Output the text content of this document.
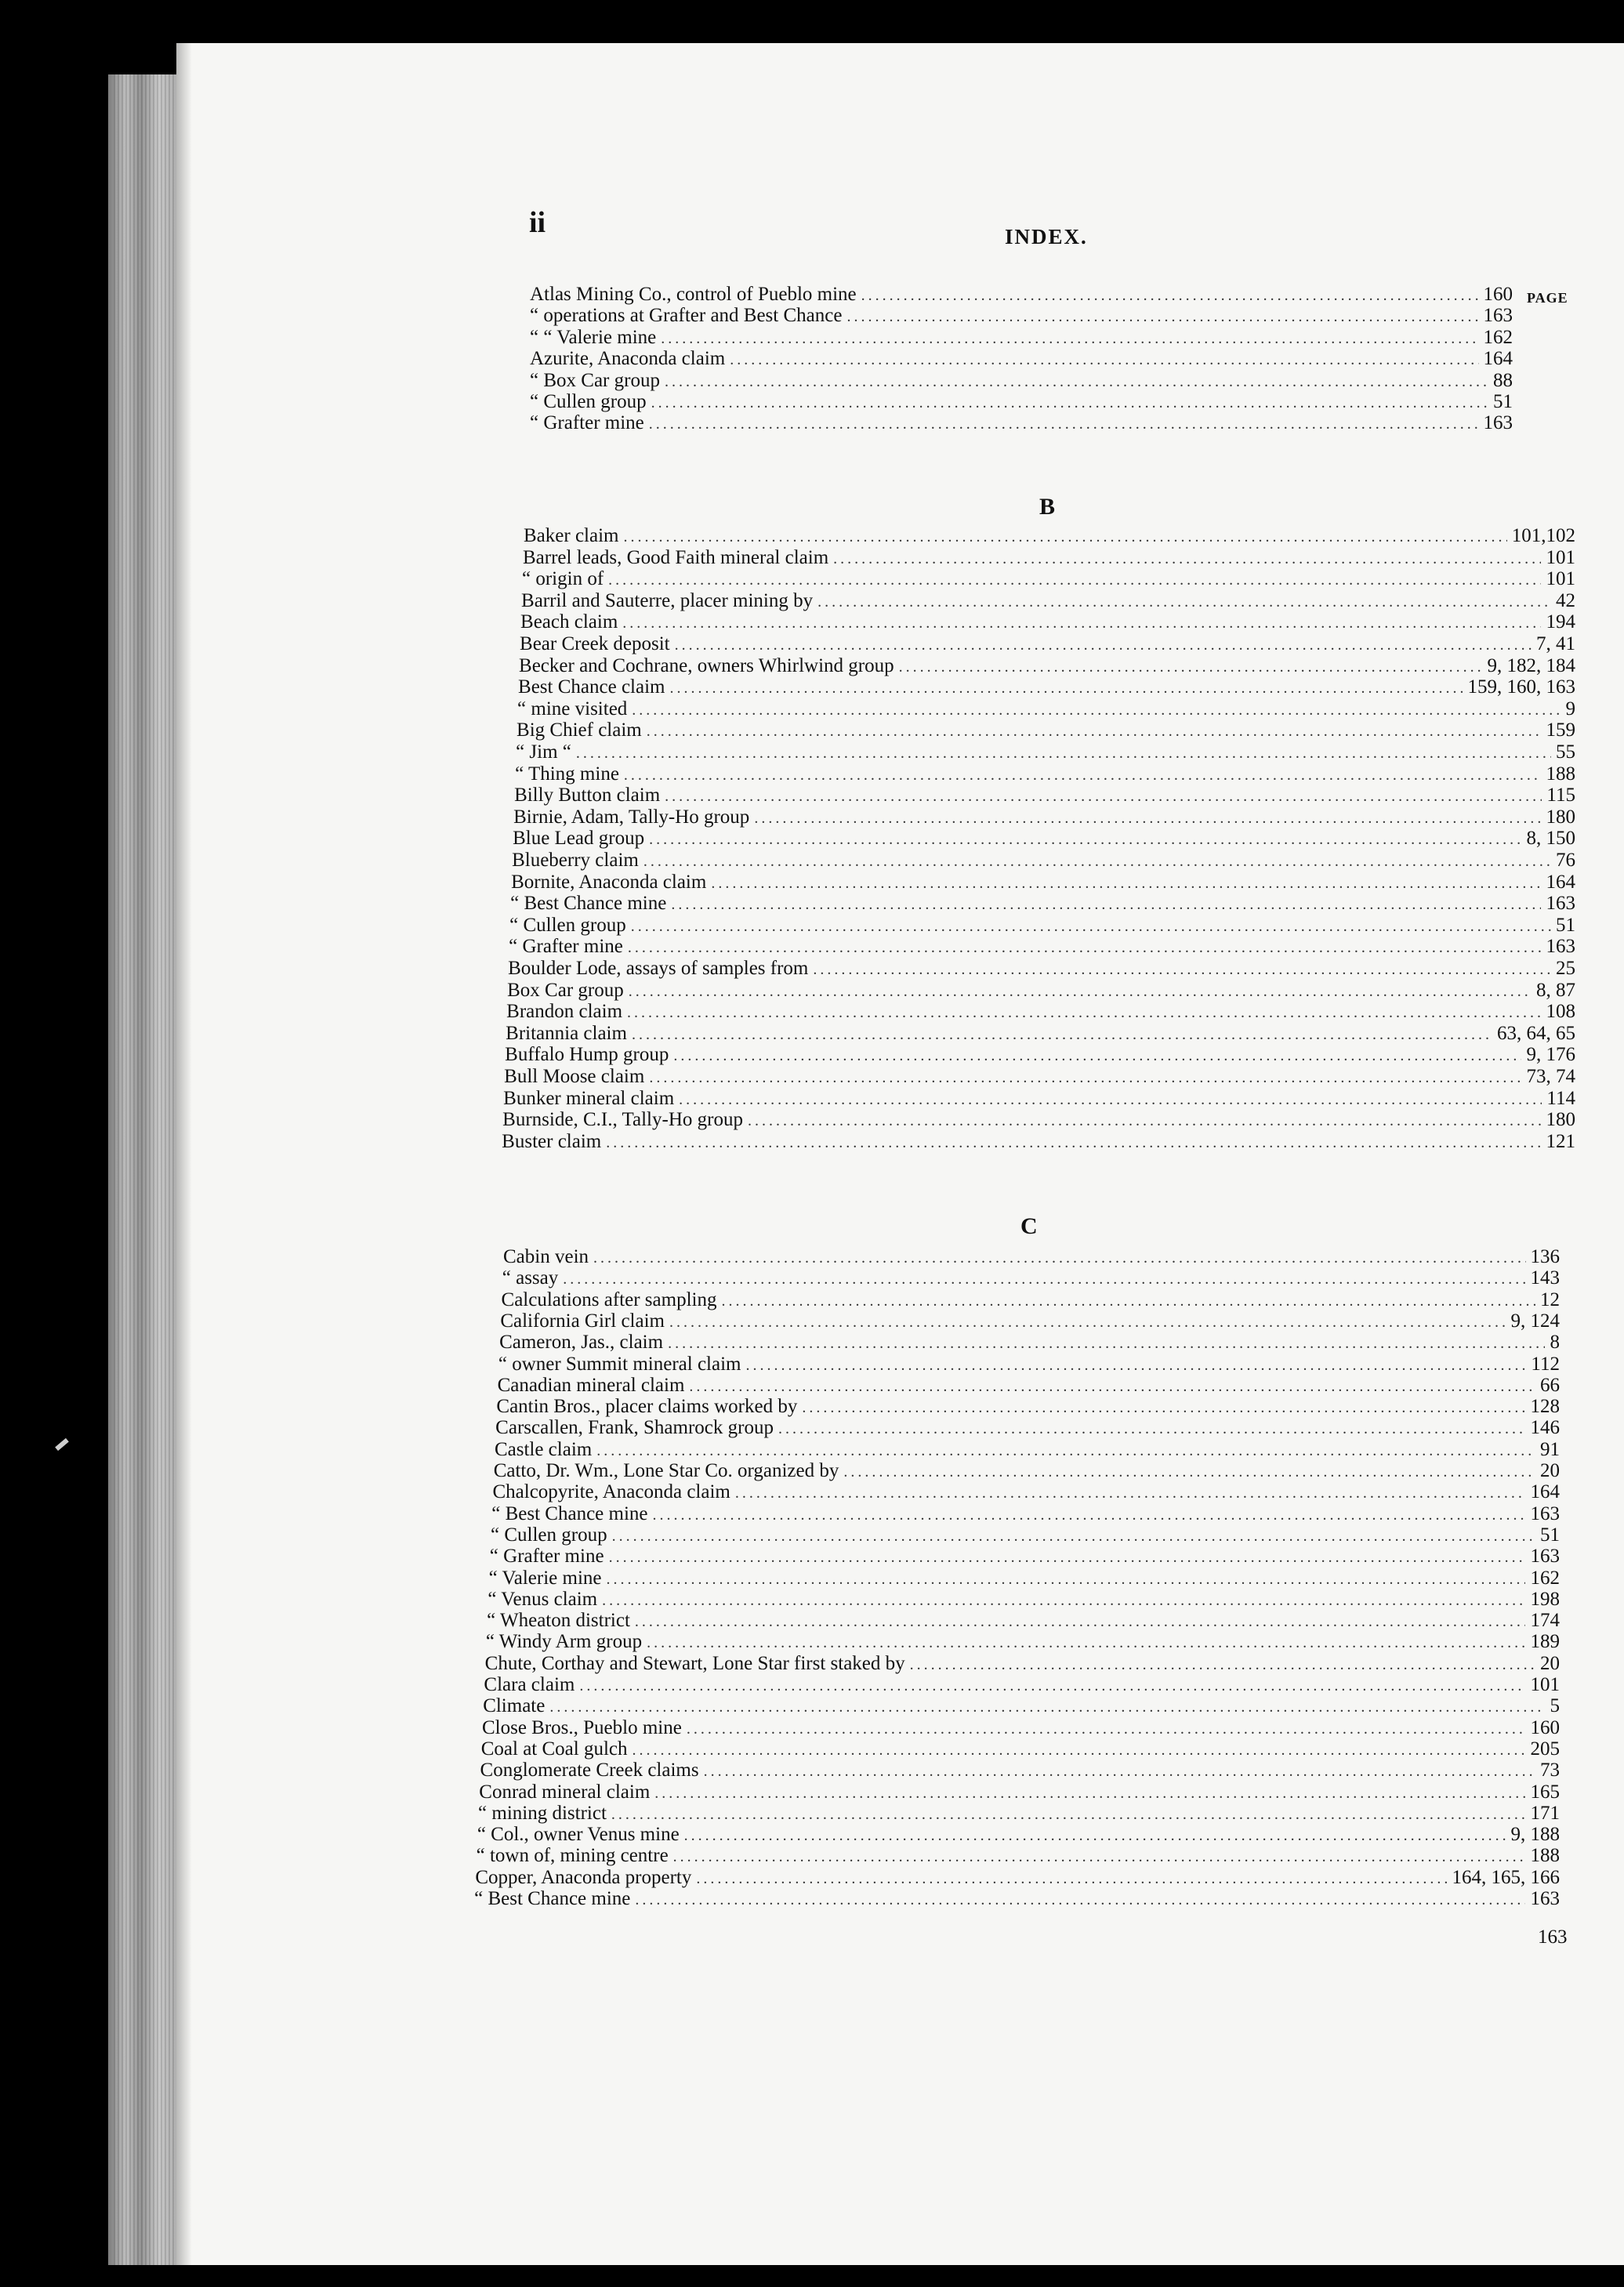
ii	INDEX.
PAGE
Atlas Mining Co., control of Pueblo mine .....	160
“ operations at Grafter and Best Chance .....	163
“ “ Valerie mine .....	162
Azurite, Anaconda claim .....	164
“ Box Car group .....	88
“ Cullen group .....	51
“ Grafter mine .....	163
B
Baker claim .....	101,102
Barrel leads, Good Faith mineral claim .....	101
“ origin of .....	101
Barril and Sauterre, placer mining by .....	42
Beach claim .....	194
Bear Creek deposit .....	7, 41
Becker and Cochrane, owners Whirlwind group .....	9, 182, 184
Best Chance claim .....	159, 160, 163
“ mine visited .....	9
Big Chief claim .....	159
“ Jim “ .....	55
“ Thing mine .....	188
Billy Button claim .....	115
Birnie, Adam, Tally-Ho group .....	180
Blue Lead group .....	8, 150
Blueberry claim .....	76
Bornite, Anaconda claim .....	164
“ Best Chance mine .....	163
“ Cullen group .....	51
“ Grafter mine .....	163
Boulder Lode, assays of samples from .....	25
Box Car group .....	8, 87
Brandon claim .....	108
Britannia claim .....	63, 64, 65
Buffalo Hump group .....	9, 176
Bull Moose claim .....	73, 74
Bunker mineral claim .....	114
Burnside, C.I., Tally-Ho group .....	180
Buster claim .....	121
C
Cabin vein .....	136
“ assay .....	143
Calculations after sampling .....	12
California Girl claim .....	9, 124
Cameron, Jas., claim .....	8
“ owner Summit mineral claim .....	112
Canadian mineral claim .....	66
Cantin Bros., placer claims worked by .....	128
Carscallen, Frank, Shamrock group .....	146
Castle claim .....	91
Catto, Dr. Wm., Lone Star Co. organized by .....	20
Chalcopyrite, Anaconda claim .....	164
“ Best Chance mine .....	163
“ Cullen group .....	51
“ Grafter mine .....	163
“ Valerie mine .....	162
“ Venus claim .....	198
“ Wheaton district .....	174
“ Windy Arm group .....	189
Chute, Corthay and Stewart, Lone Star first staked by .....	20
Clara claim .....	101
Climate .....	5
Close Bros., Pueblo mine .....	160
Coal at Coal gulch .....	205
Conglomerate Creek claims .....	73
Conrad mineral claim .....	165
“ mining district .....	171
“ Col., owner Venus mine .....	9, 188
“ town of, mining centre .....	188
Copper, Anaconda property .....	164, 165, 166
“ Best Chance mine .....	163
163
